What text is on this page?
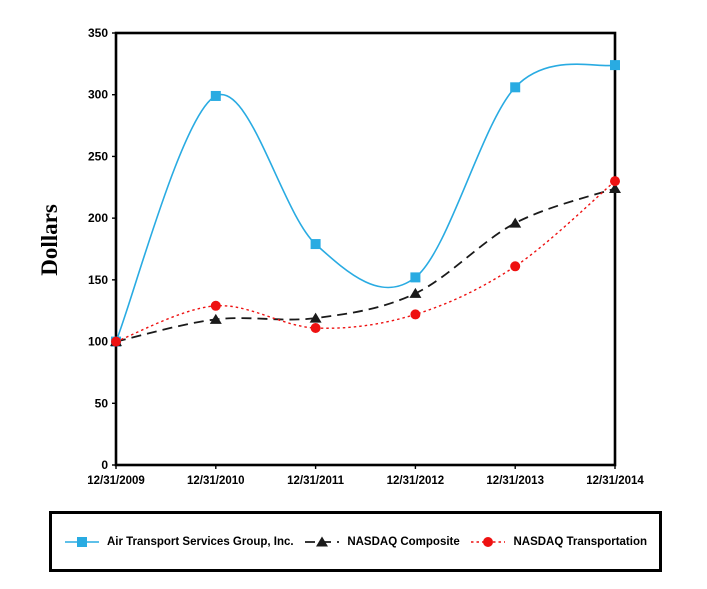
Dollars
0
50
100
150
200
250
300
350
12/31/2009	12/31/2010	12/31/2011	12/31/2012	12/31/2013	12/31/2014
Air Transport Services Group, Inc.	NASDAQ Composite	NASDAQ Transportation
